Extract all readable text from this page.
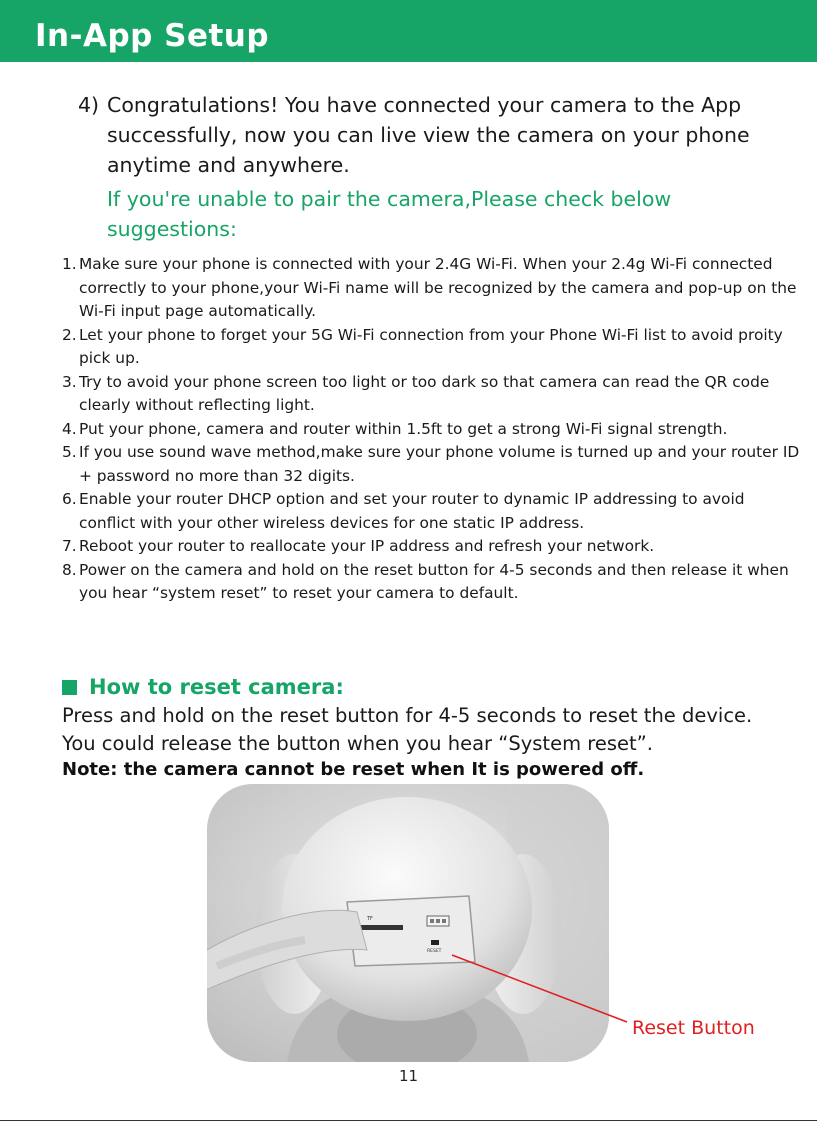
In-App Setup
4) Congratulations! You have connected your camera to the App successfully, now you can live view the camera on your phone anytime and anywhere.
If you're unable to pair the camera,Please check below suggestions:
1. Make sure your phone is connected with your 2.4G Wi-Fi. When your 2.4g Wi-Fi connected correctly to your phone,your Wi-Fi name will be recognized by the camera and pop-up on the Wi-Fi input page automatically.
2. Let your phone to forget your 5G Wi-Fi connection from your Phone Wi-Fi list to avoid proity pick up.
3. Try to avoid your phone screen too light or too dark so that camera can read the QR code clearly without reflecting light.
4. Put your phone, camera and router within 1.5ft to get a strong Wi-Fi signal strength.
5. If you use sound wave method,make sure your phone volume is turned up and your router ID + password no more than 32 digits.
6. Enable your router DHCP option and set your router to dynamic IP addressing to avoid conflict with your other wireless devices for one static IP address.
7. Reboot your router to reallocate your IP address and refresh your network.
8. Power on the camera and hold on the reset button for 4-5 seconds and then release it when you hear “system reset” to reset your camera to default.
How to reset camera:
Press and hold on the reset button for 4-5 seconds to reset the device. You could release the button when you hear “System reset”.
Note: the camera cannot be reset when It is powered off.
TF
RESET
Reset Button
11
